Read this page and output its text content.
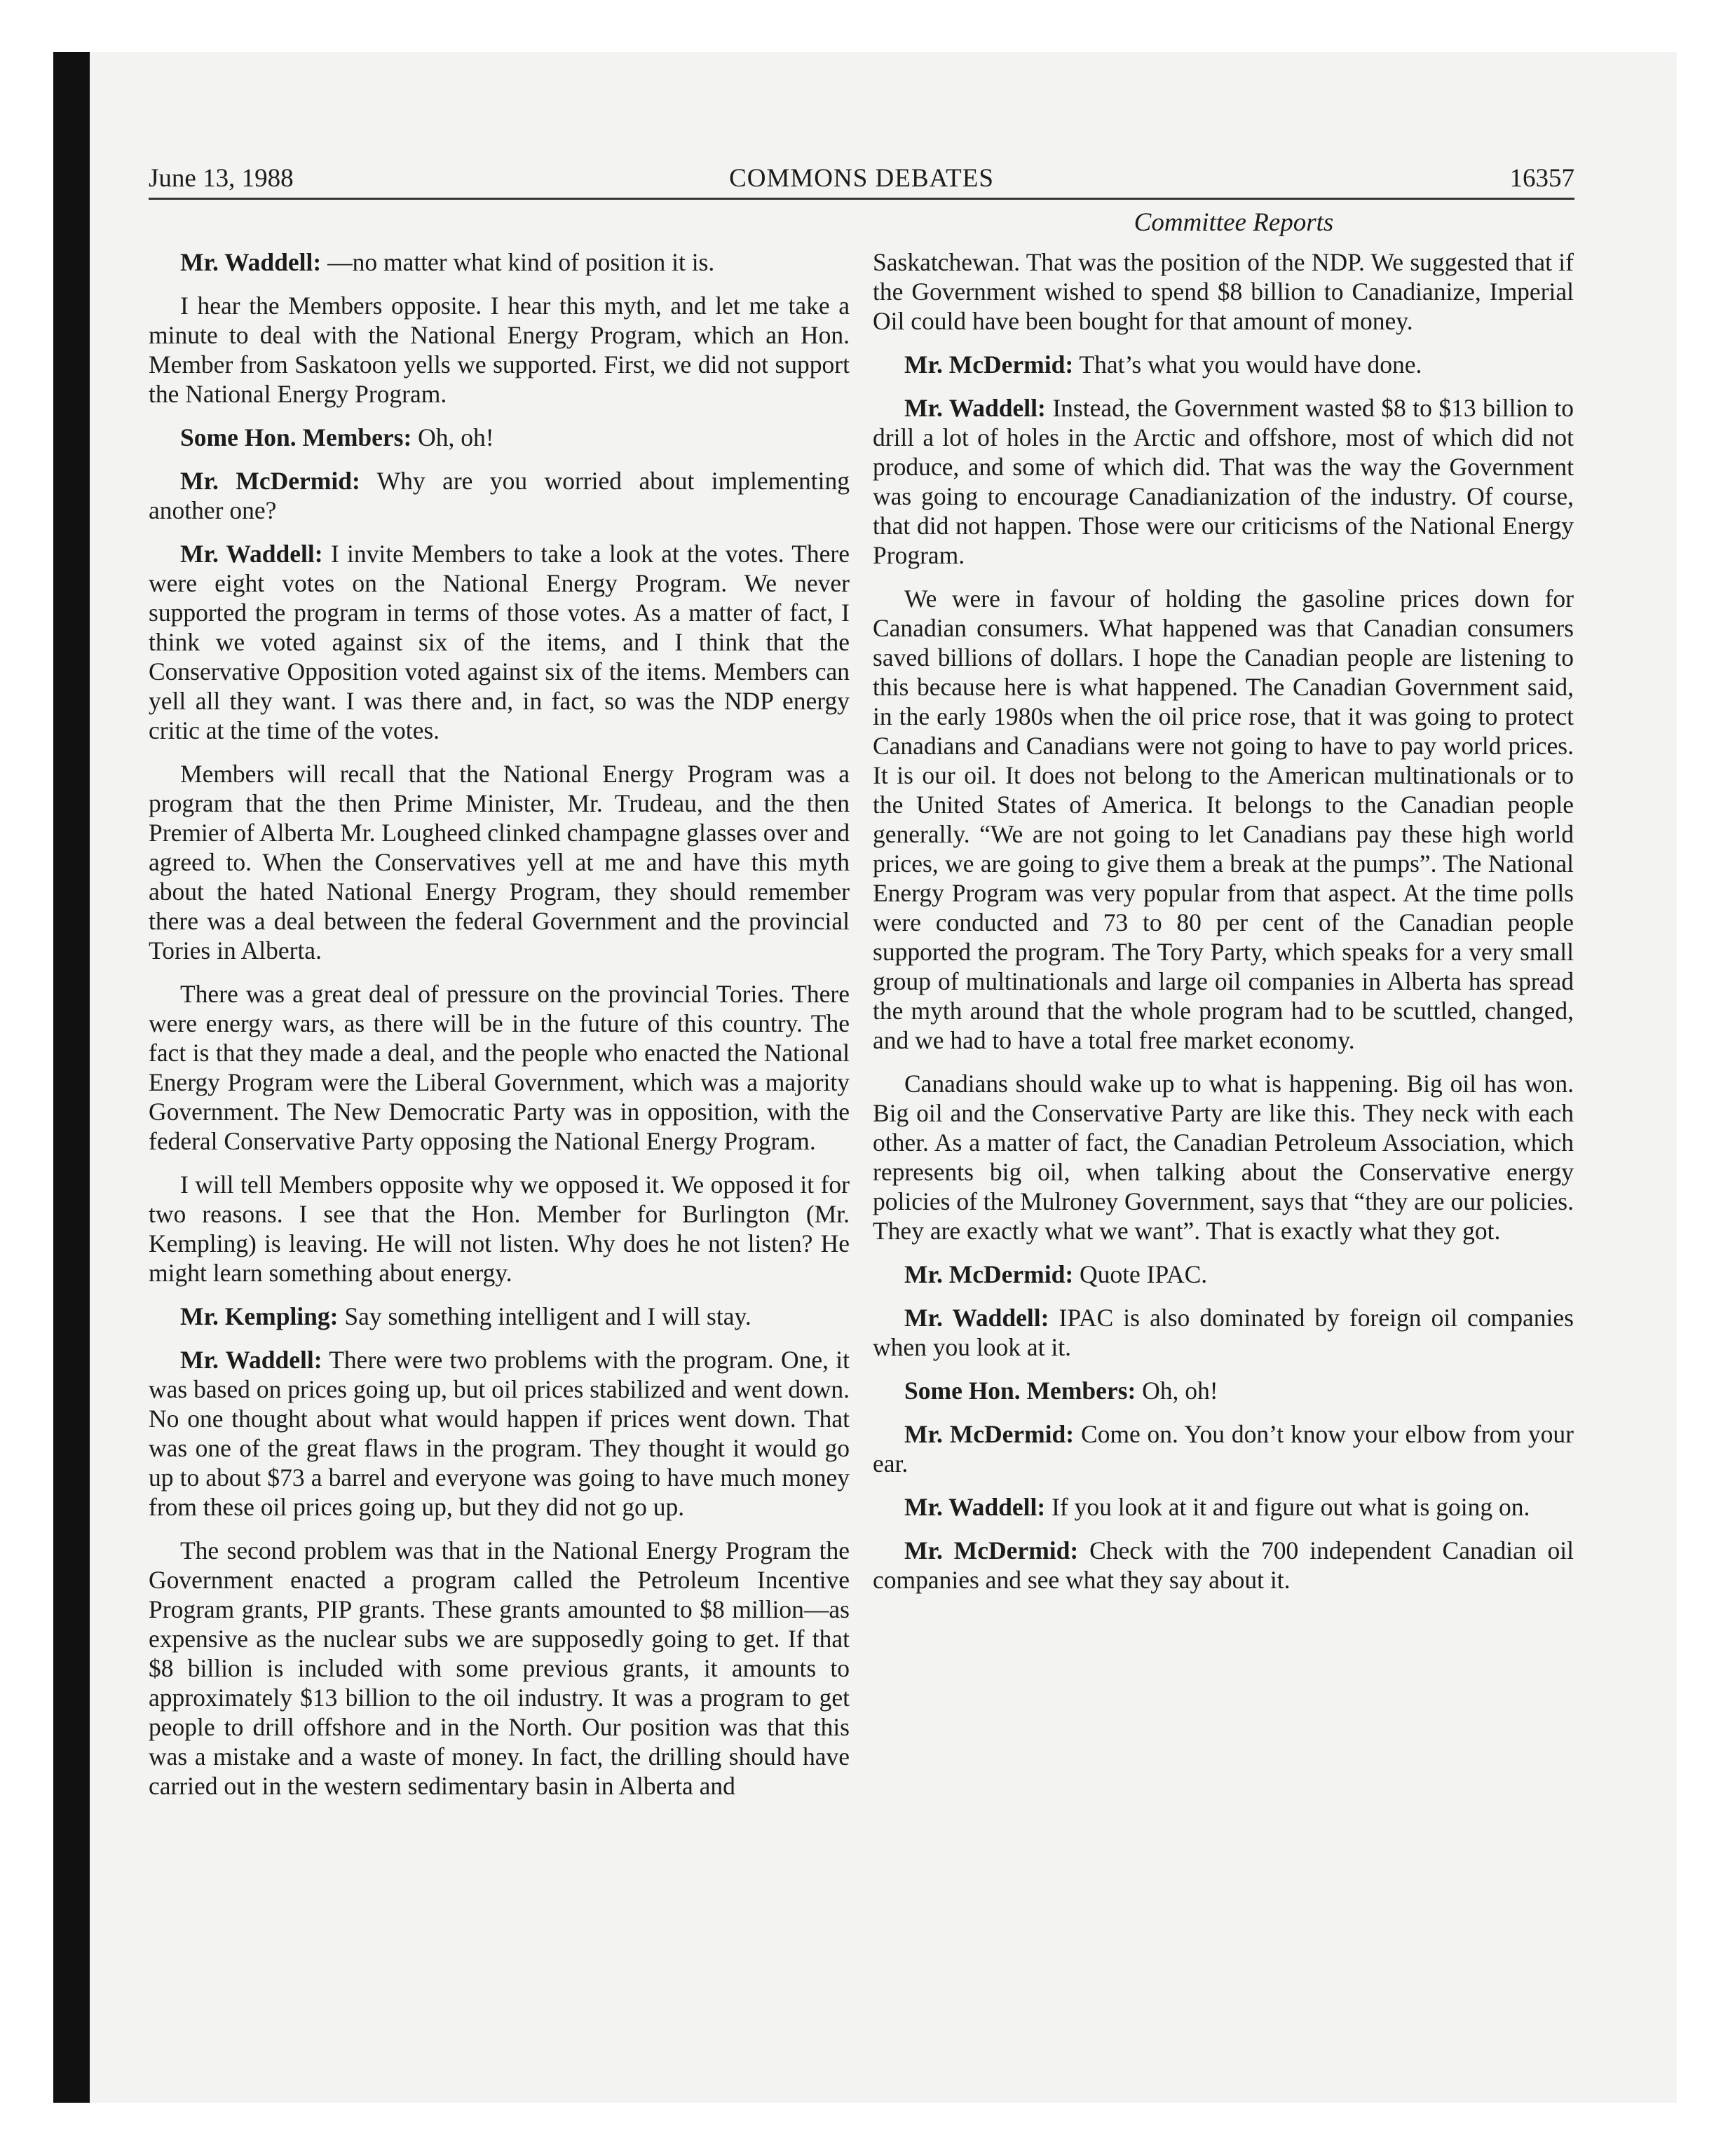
June 13, 1988	COMMONS DEBATES	16357
Committee Reports

Mr. Waddell: —no matter what kind of position it is.

I hear the Members opposite. I hear this myth, and let me take a minute to deal with the National Energy Program, which an Hon. Member from Saskatoon yells we supported. First, we did not support the National Energy Program.

Some Hon. Members: Oh, oh!

Mr. McDermid: Why are you worried about implementing another one?

Mr. Waddell: I invite Members to take a look at the votes. There were eight votes on the National Energy Program. We never supported the program in terms of those votes. As a matter of fact, I think we voted against six of the items, and I think that the Conservative Opposition voted against six of the items. Members can yell all they want. I was there and, in fact, so was the NDP energy critic at the time of the votes.

Members will recall that the National Energy Program was a program that the then Prime Minister, Mr. Trudeau, and the then Premier of Alberta Mr. Lougheed clinked champagne glasses over and agreed to. When the Conservatives yell at me and have this myth about the hated National Energy Program, they should remember there was a deal between the federal Government and the provincial Tories in Alberta.

There was a great deal of pressure on the provincial Tories. There were energy wars, as there will be in the future of this country. The fact is that they made a deal, and the people who enacted the National Energy Program were the Liberal Government, which was a majority Government. The New Democratic Party was in opposition, with the federal Conservative Party opposing the National Energy Program.

I will tell Members opposite why we opposed it. We opposed it for two reasons. I see that the Hon. Member for Burlington (Mr. Kempling) is leaving. He will not listen. Why does he not listen? He might learn something about energy.

Mr. Kempling: Say something intelligent and I will stay.

Mr. Waddell: There were two problems with the program. One, it was based on prices going up, but oil prices stabilized and went down. No one thought about what would happen if prices went down. That was one of the great flaws in the program. They thought it would go up to about $73 a barrel and everyone was going to have much money from these oil prices going up, but they did not go up.

The second problem was that in the National Energy Program the Government enacted a program called the Petroleum Incentive Program grants, PIP grants. These grants amounted to $8 million—as expensive as the nuclear subs we are supposedly going to get. If that $8 billion is included with some previous grants, it amounts to approximately $13 billion to the oil industry. It was a program to get people to drill offshore and in the North. Our position was that this was a mistake and a waste of money. In fact, the drilling should have carried out in the western sedimentary basin in Alberta and

Saskatchewan. That was the position of the NDP. We suggested that if the Government wished to spend $8 billion to Canadianize, Imperial Oil could have been bought for that amount of money.

Mr. McDermid: That’s what you would have done.

Mr. Waddell: Instead, the Government wasted $8 to $13 billion to drill a lot of holes in the Arctic and offshore, most of which did not produce, and some of which did. That was the way the Government was going to encourage Canadianization of the industry. Of course, that did not happen. Those were our criticisms of the National Energy Program.

We were in favour of holding the gasoline prices down for Canadian consumers. What happened was that Canadian consumers saved billions of dollars. I hope the Canadian people are listening to this because here is what happened. The Canadian Government said, in the early 1980s when the oil price rose, that it was going to protect Canadians and Canadians were not going to have to pay world prices. It is our oil. It does not belong to the American multinationals or to the United States of America. It belongs to the Canadian people generally. “We are not going to let Canadians pay these high world prices, we are going to give them a break at the pumps”. The National Energy Program was very popular from that aspect. At the time polls were conducted and 73 to 80 per cent of the Canadian people supported the program. The Tory Party, which speaks for a very small group of multinationals and large oil companies in Alberta has spread the myth around that the whole program had to be scuttled, changed, and we had to have a total free market economy.

Canadians should wake up to what is happening. Big oil has won. Big oil and the Conservative Party are like this. They neck with each other. As a matter of fact, the Canadian Petroleum Association, which represents big oil, when talking about the Conservative energy policies of the Mulroney Government, says that “they are our policies. They are exactly what we want”. That is exactly what they got.

Mr. McDermid: Quote IPAC.

Mr. Waddell: IPAC is also dominated by foreign oil companies when you look at it.

Some Hon. Members: Oh, oh!

Mr. McDermid: Come on. You don’t know your elbow from your ear.

Mr. Waddell: If you look at it and figure out what is going on.

Mr. McDermid: Check with the 700 independent Canadian oil companies and see what they say about it.
